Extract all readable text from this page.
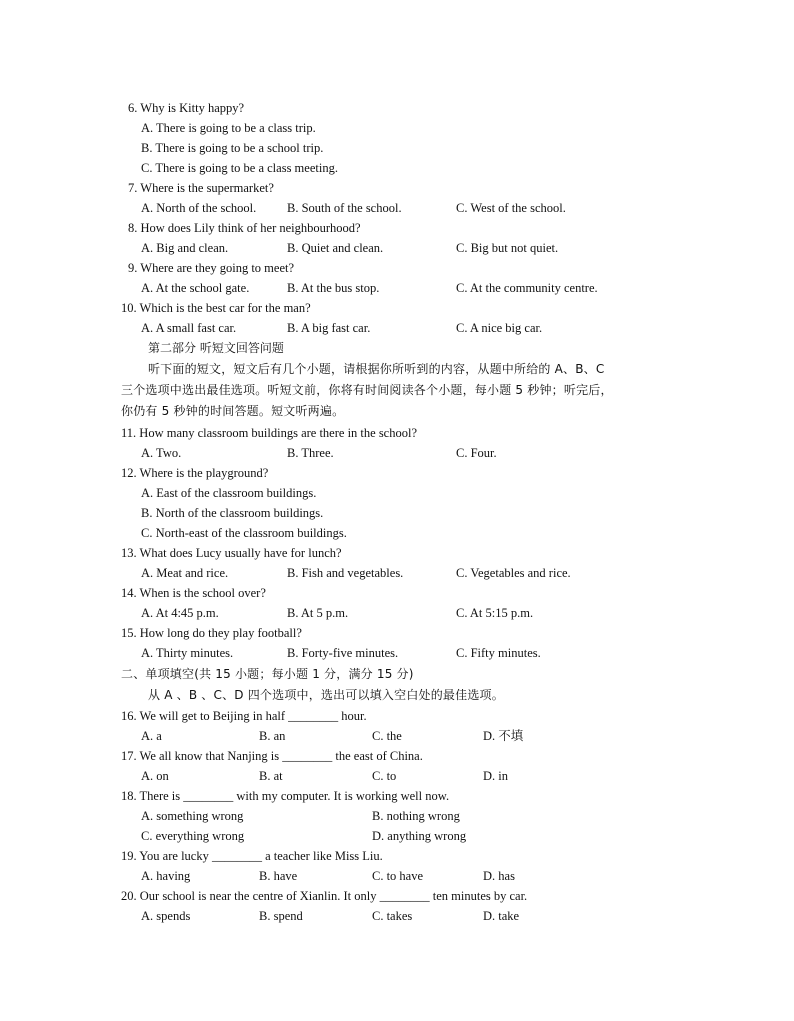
6. Why is Kitty happy?
A. There is going to be a class trip.
B. There is going to be a school trip.
C. There is going to be a class meeting.
7. Where is the supermarket?
A. North of the school. B. South of the school.	C. West of the school.
8. How does Lily think of her neighbourhood?
A. Big and clean.	B. Quiet and clean.	C. Big but not quiet.
9. Where are they going to meet?
A. At the school gate.	B. At the bus stop.	C. At the community centre.
10. Which is the best car for the man?
A. A small fast car.	B. A big fast car.	C. A nice big car.
第二部分 听短文回答问题
听下面的短文，短文后有几个小题，请根据你所听到的内容，从题中所给的 A、B、C
三个选项中选出最佳选项。听短文前，你将有时间阅读各个小题，每小题 5 秒钟；听完后，
你仍有 5 秒钟的时间答题。短文听两遍。
11. How many classroom buildings are there in the school?
A. Two.	B. Three.	C. Four.
12. Where is the playground?
A. East of the classroom buildings.
B. North of the classroom buildings.
C. North-east of the classroom buildings.
13. What does Lucy usually have for lunch?
A. Meat and rice.	B. Fish and vegetables.	C. Vegetables and rice.
14. When is the school over?
A. At 4:45 p.m.	B. At 5 p.m.	C. At 5:15 p.m.
15. How long do they play football?
A. Thirty minutes.	B. Forty-five minutes.	C. Fifty minutes.
二、单项填空(共 15 小题；每小题 1 分，满分 15 分)
从 A 、B 、C、D 四个选项中，选出可以填入空白处的最佳选项。
16. We will get to Beijing in half ________ hour.
A. a	B. an	C. the	D. 不填
17. We all know that Nanjing is ________ the east of China.
A. on	B. at	C. to	D. in
18. There is ________ with my computer. It is working well now.
A. something wrong	B. nothing wrong
C. everything wrong	D. anything wrong
19. You are lucky ________ a teacher like Miss Liu.
A. having	B. have	C. to have	D. has
20. Our school is near the centre of Xianlin. It only ________ ten minutes by car.
A. spends	B. spend	C. takes	D. take
